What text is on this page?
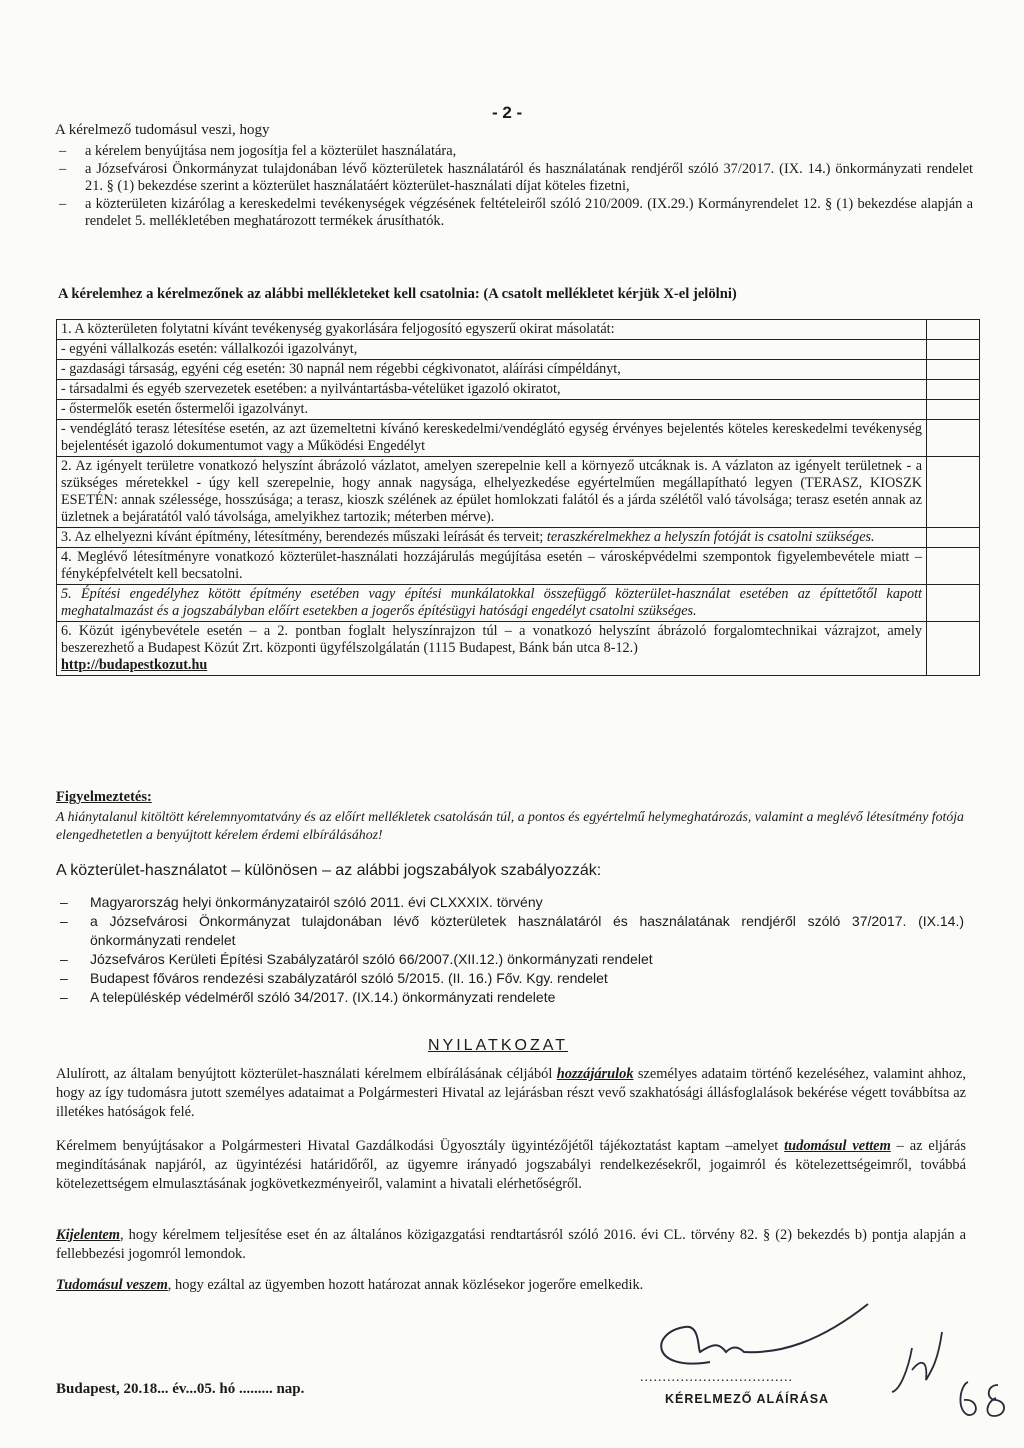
- 2 -
A kérelmező tudomásul veszi, hogy
– a kérelem benyújtása nem jogosítja fel a közterület használatára,
– a Józsefvárosi Önkormányzat tulajdonában lévő közterületek használatáról és használatának rendjéről szóló 37/2017. (IX. 14.) önkormányzati rendelet 21. § (1) bekezdése szerint a közterület használatáért közterület-használati díjat köteles fizetni,
– a közterületen kizárólag a kereskedelmi tevékenységek végzésének feltételeiről szóló 210/2009. (IX.29.) Kormányrendelet 12. § (1) bekezdése alapján a rendelet 5. mellékletében meghatározott termékek árusíthatók.
A kérelemhez a kérelmezőnek az alábbi mellékleteket kell csatolnia: (A csatolt mellékletet kérjük X-el jelölni)
1. A közterületen folytatni kívánt tevékenység gyakorlására feljogosító egyszerű okirat másolatát:	
- egyéni vállalkozás esetén: vállalkozói igazolványt,	
- gazdasági társaság, egyéni cég esetén: 30 napnál nem régebbi cégkivonatot, aláírási címpéldányt,	
- társadalmi és egyéb szervezetek esetében: a nyilvántartásba-vételüket igazoló okiratot,	
- őstermelők esetén őstermelői igazolványt.	
- vendéglátó terasz létesítése esetén, az azt üzemeltetni kívánó kereskedelmi/vendéglátó egység érvényes bejelentés köteles kereskedelmi tevékenység bejelentését igazoló dokumentumot vagy a Működési Engedélyt	
2. Az igényelt területre vonatkozó helyszínt ábrázoló vázlatot, amelyen szerepelnie kell a környező utcáknak is. A vázlaton az igényelt területnek - a szükséges méretekkel - úgy kell szerepelnie, hogy annak nagysága, elhelyezkedése egyértelműen megállapítható legyen (TERASZ, KIOSZK ESETÉN: annak szélessége, hosszúsága; a terasz, kioszk szélének az épület homlokzati falától és a járda szélétől való távolsága; terasz esetén annak az üzletnek a bejáratától való távolsága, amelyikhez tartozik; méterben mérve).	
3. Az elhelyezni kívánt építmény, létesítmény, berendezés műszaki leírását és terveit; teraszkérelmekhez a helyszín fotóját is csatolni szükséges.	
4. Meglévő létesítményre vonatkozó közterület-használati hozzájárulás megújítása esetén – városképvédelmi szempontok figyelembevétele miatt – fényképfelvételt kell becsatolni.	
5. Építési engedélyhez kötött építmény esetében vagy építési munkálatokkal összefüggő közterület-használat esetében az építtetőtől kapott meghatalmazást és a jogszabályban előírt esetekben a jogerős építésügyi hatósági engedélyt csatolni szükséges.	
6. Közút igénybevétele esetén – a 2. pontban foglalt helyszínrajzon túl – a vonatkozó helyszínt ábrázoló forgalomtechnikai vázrajzot, amely beszerezhető a Budapest Közút Zrt. központi ügyfélszolgálatán (1115 Budapest, Bánk bán utca 8-12.)
http://budapestkozut.hu	
Figyelmeztetés:
A hiánytalanul kitöltött kérelemnyomtatvány és az előírt mellékletek csatolásán túl, a pontos és egyértelmű helymeghatározás, valamint a meglévő létesítmény fotója elengedhetetlen a benyújtott kérelem érdemi elbírálásához!
A közterület-használatot – különösen – az alábbi jogszabályok szabályozzák:
– Magyarország helyi önkormányzatairól szóló 2011. évi CLXXXIX. törvény
– a Józsefvárosi Önkormányzat tulajdonában lévő közterületek használatáról és használatának rendjéről szóló 37/2017. (IX.14.) önkormányzati rendelet
– Józsefváros Kerületi Építési Szabályzatáról szóló 66/2007.(XII.12.) önkormányzati rendelet
– Budapest főváros rendezési szabályzatáról szóló 5/2015. (II. 16.) Főv. Kgy. rendelet
– A településkép védelméről szóló 34/2017. (IX.14.) önkormányzati rendelete
NYILATKOZAT
Alulírott, az általam benyújtott közterület-használati kérelmem elbírálásának céljából hozzájárulok személyes adataim történő kezeléséhez, valamint ahhoz, hogy az így tudomásra jutott személyes adataimat a Polgármesteri Hivatal az lejárásban részt vevő szakhatósági állásfoglalások bekérése végett továbbítsa az illetékes hatóságok felé.
Kérelmem benyújtásakor a Polgármesteri Hivatal Gazdálkodási Ügyosztály ügyintézőjétől tájékoztatást kaptam –amelyet tudomásul vettem – az eljárás megindításának napjáról, az ügyintézési határidőről, az ügyemre irányadó jogszabályi rendelkezésekről, jogaimról és kötelezettségeimről, továbbá kötelezettségem elmulasztásának jogkövetkezményeiről, valamint a hivatali elérhetőségről.
Kijelentem, hogy kérelmem teljesítése eset én az általános közigazgatási rendtartásról szóló 2016. évi CL. törvény 82. § (2) bekezdés b) pontja alapján a fellebbezési jogomról lemondok.
Tudomásul veszem, hogy ezáltal az ügyemben hozott határozat annak közlésekor jogerőre emelkedik.
Budapest, 20.18... év...05. hó ......... nap.
..................................
KÉRELMEZŐ ALÁÍRÁSA
